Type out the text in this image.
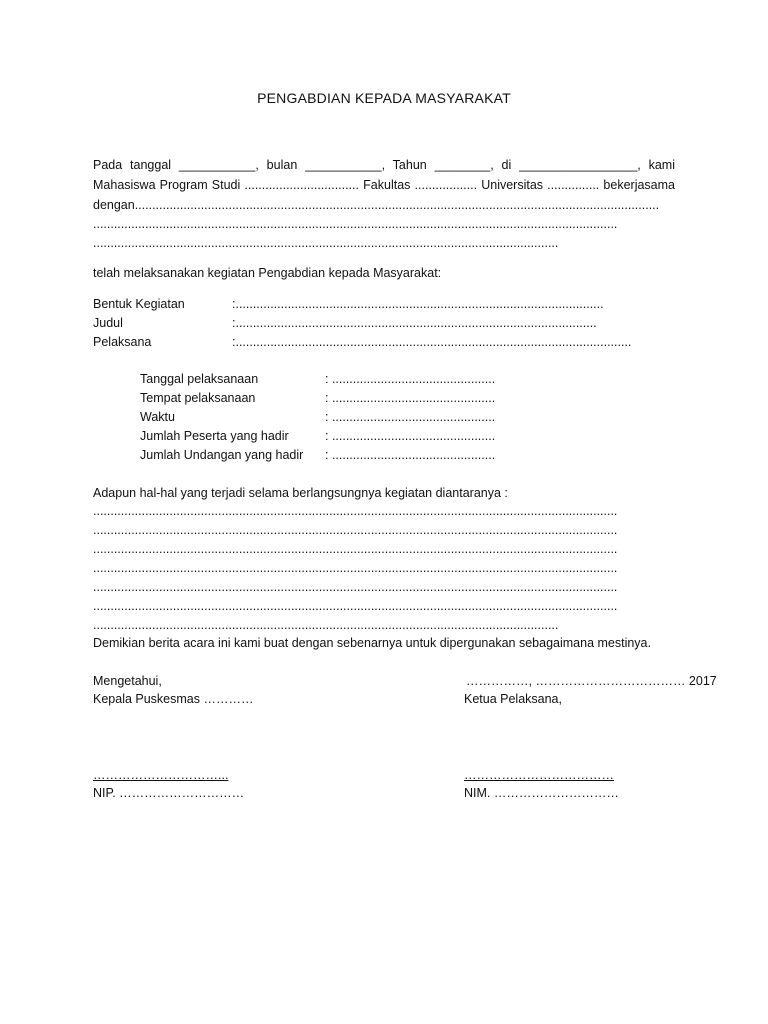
PENGABDIAN KEPADA MASYARAKAT
Pada tanggal ___________, bulan ___________, Tahun ________, di _________________, kami
Mahasiswa Program Studi ................................. Fakultas .................. Universitas ............... bekerjasama
dengan.......................................................................................................................................................
.......................................................................................................................................................
......................................................................................................................................
telah melaksanakan kegiatan Pengabdian kepada Masyarakat:
Bentuk Kegiatan	:..........................................................................................................
Judul	:........................................................................................................
Pelaksana	:..................................................................................................................
Tanggal pelaksanaan	: ...............................................
Tempat pelaksanaan	: ...............................................
Waktu	: ...............................................
Jumlah Peserta yang hadir	: ...............................................
Jumlah Undangan yang hadir : ...............................................
Adapun hal-hal yang terjadi selama berlangsungnya kegiatan diantaranya :
.......................................................................................................................................................
.......................................................................................................................................................
.......................................................................................................................................................
.......................................................................................................................................................
.......................................................................................................................................................
.......................................................................................................................................................
......................................................................................................................................
Demikian berita acara ini kami buat dengan sebenarnya untuk dipergunakan sebagaimana mestinya.
Mengetahui,	……………, ……………………………… 2017
Kepala Puskesmas …………	Ketua Pelaksana,
…………………………...	………………………………
NIP. …………………………	NIM. …………………………
